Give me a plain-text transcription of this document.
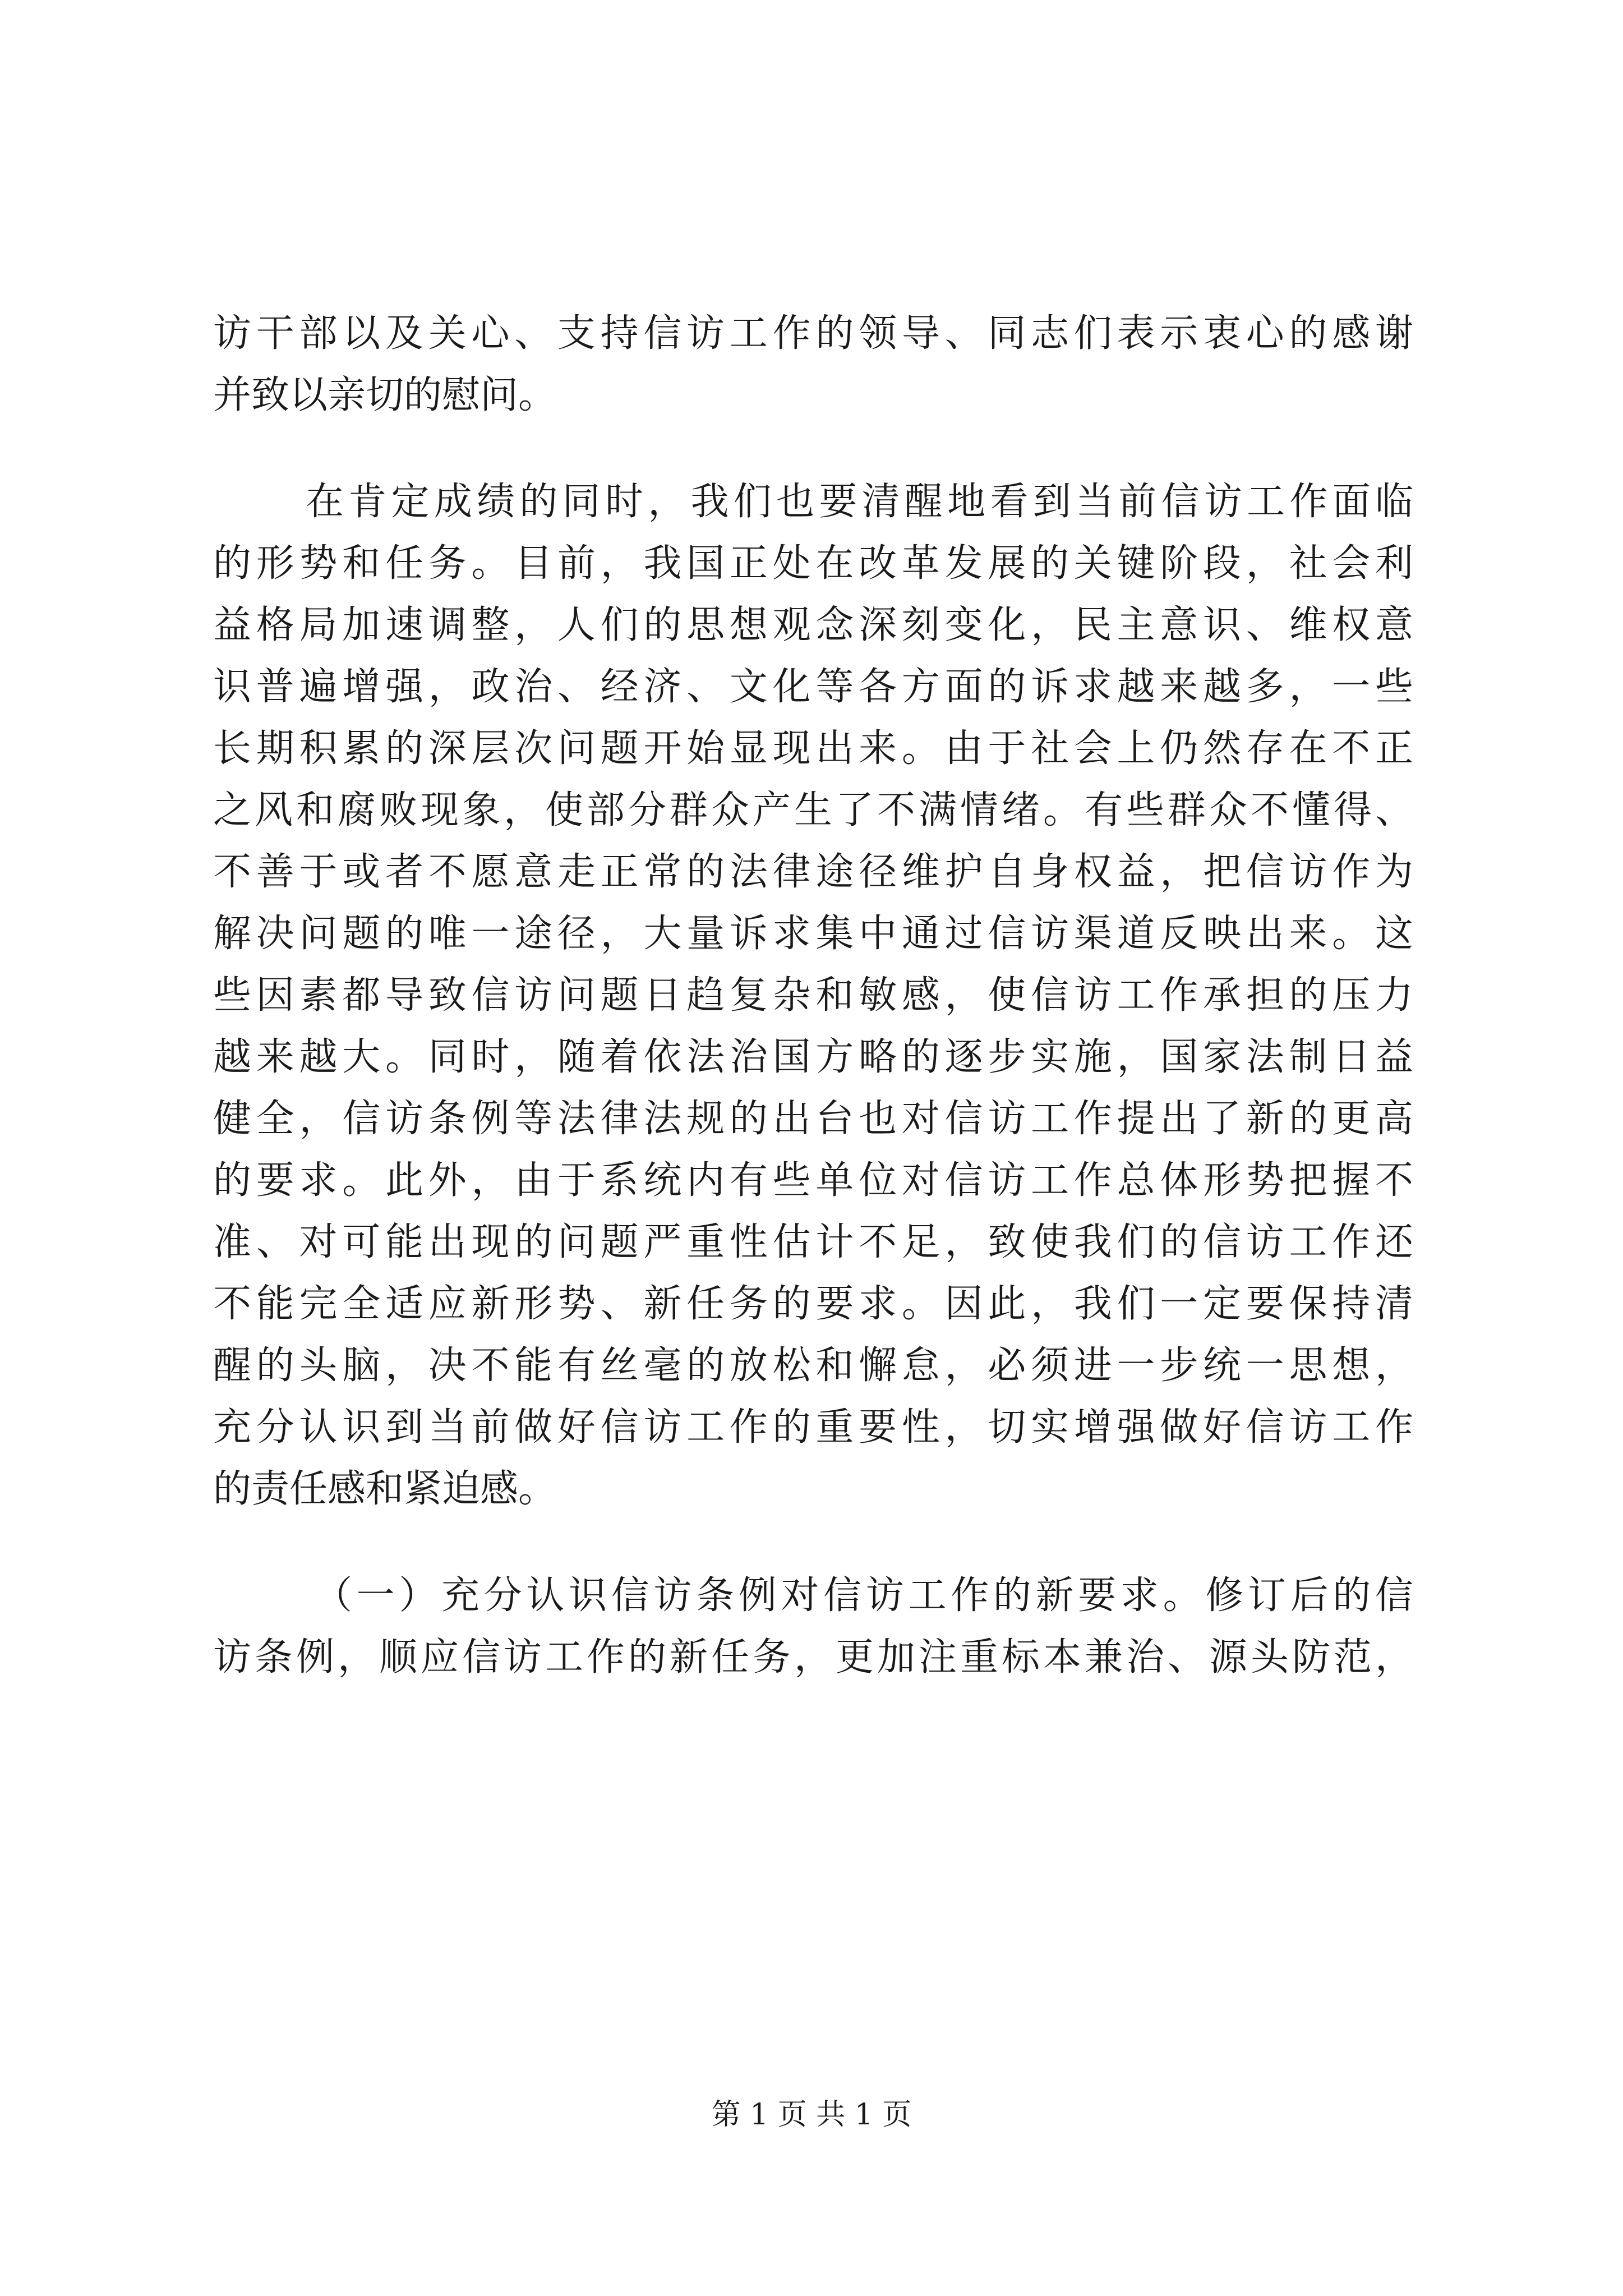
访干部以及关心、支持信访工作的领导、同志们表示衷心的感谢
并致以亲切的慰问。
在肯定成绩的同时，我们也要清醒地看到当前信访工作面临
的形势和任务。目前，我国正处在改革发展的关键阶段，社会利
益格局加速调整，人们的思想观念深刻变化，民主意识、维权意
识普遍增强，政治、经济、文化等各方面的诉求越来越多，一些
长期积累的深层次问题开始显现出来。由于社会上仍然存在不正
之风和腐败现象，使部分群众产生了不满情绪。有些群众不懂得、
不善于或者不愿意走正常的法律途径维护自身权益，把信访作为
解决问题的唯一途径，大量诉求集中通过信访渠道反映出来。这
些因素都导致信访问题日趋复杂和敏感，使信访工作承担的压力
越来越大。同时，随着依法治国方略的逐步实施，国家法制日益
健全，信访条例等法律法规的出台也对信访工作提出了新的更高
的要求。此外，由于系统内有些单位对信访工作总体形势把握不
准、对可能出现的问题严重性估计不足，致使我们的信访工作还
不能完全适应新形势、新任务的要求。因此，我们一定要保持清
醒的头脑，决不能有丝毫的放松和懈怠，必须进一步统一思想，
充分认识到当前做好信访工作的重要性，切实增强做好信访工作
的责任感和紧迫感。
（一）充分认识信访条例对信访工作的新要求。修订后的信
访条例，顺应信访工作的新任务，更加注重标本兼治、源头防范，
第 1 页 共 1 页
